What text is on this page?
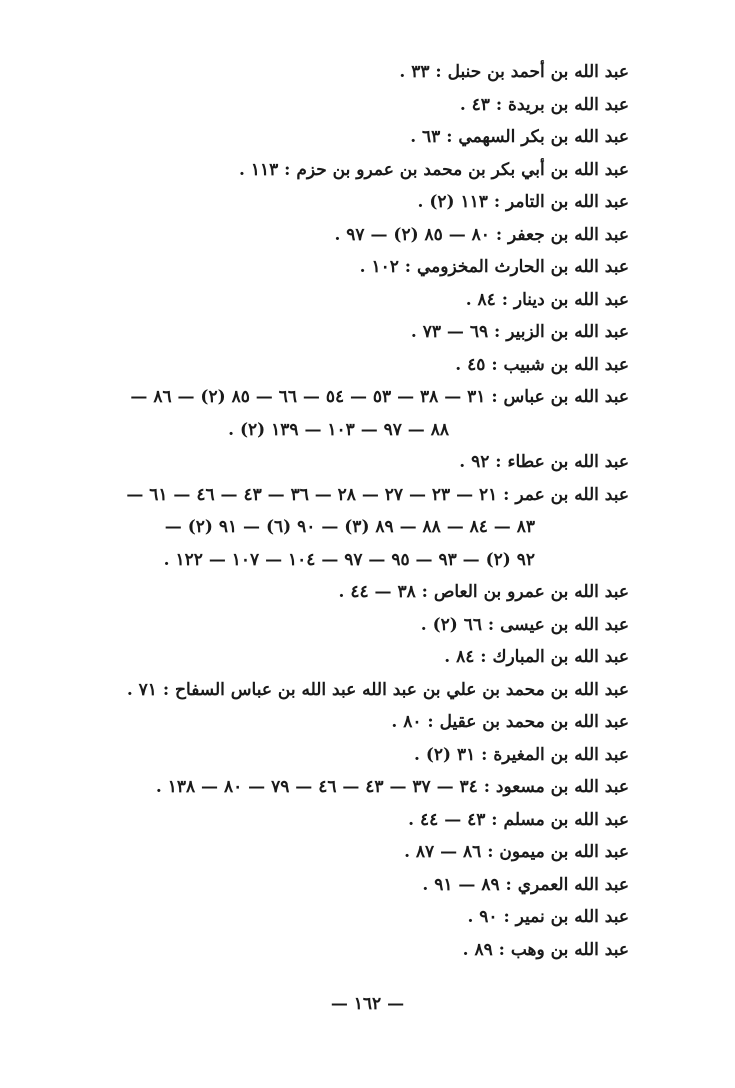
عبد الله بن أحمد بن حنبل : ٣٣ .
عبد الله بن بريدة : ٤٣ .
عبد الله بن بكر السهمي : ٦٣ .
عبد الله بن أبي بكر بن محمد بن عمرو بن حزم : ١١٣ .
عبد الله بن التامر : ١١٣ (٢) .
عبد الله بن جعفر : ٨٠ — ٨٥ (٢) — ٩٧ .
عبد الله بن الحارث المخزومي : ١٠٢ .
عبد الله بن دينار : ٨٤ .
عبد الله بن الزبير : ٦٩ — ٧٣ .
عبد الله بن شبيب : ٤٥ .
عبد الله بن عباس : ٣١ — ٣٨ — ٥٣ — ٥٤ — ٦٦ — ٨٥ (٢) — ٨٦ —
٨٨ — ٩٧ — ١٠٣ — ١٣٩ (٢) .
عبد الله بن عطاء : ٩٢ .
عبد الله بن عمر : ٢١ — ٢٣ — ٢٧ — ٢٨ — ٣٦ — ٤٣ — ٤٦ — ٦١ —
٨٣ — ٨٤ — ٨٨ — ٨٩ (٣) — ٩٠ (٦) — ٩١ (٢) —
٩٢ (٢) — ٩٣ — ٩٥ — ٩٧ — ١٠٤ — ١٠٧ — ١٢٢ .
عبد الله بن عمرو بن العاص : ٣٨ — ٤٤ .
عبد الله بن عيسى : ٦٦ (٢) .
عبد الله بن المبارك : ٨٤ .
عبد الله بن محمد بن علي بن عبد الله عبد الله بن عباس السفاح : ٧١ .
عبد الله بن محمد بن عقيل : ٨٠ .
عبد الله بن المغيرة : ٣١ (٢) .
عبد الله بن مسعود : ٣٤ — ٣٧ — ٤٣ — ٤٦ — ٧٩ — ٨٠ — ١٣٨ .
عبد الله بن مسلم : ٤٣ — ٤٤ .
عبد الله بن ميمون : ٨٦ — ٨٧ .
عبد الله العمري : ٨٩ — ٩١ .
عبد الله بن نمير : ٩٠ .
عبد الله بن وهب : ٨٩ .
— ١٦٢ —
